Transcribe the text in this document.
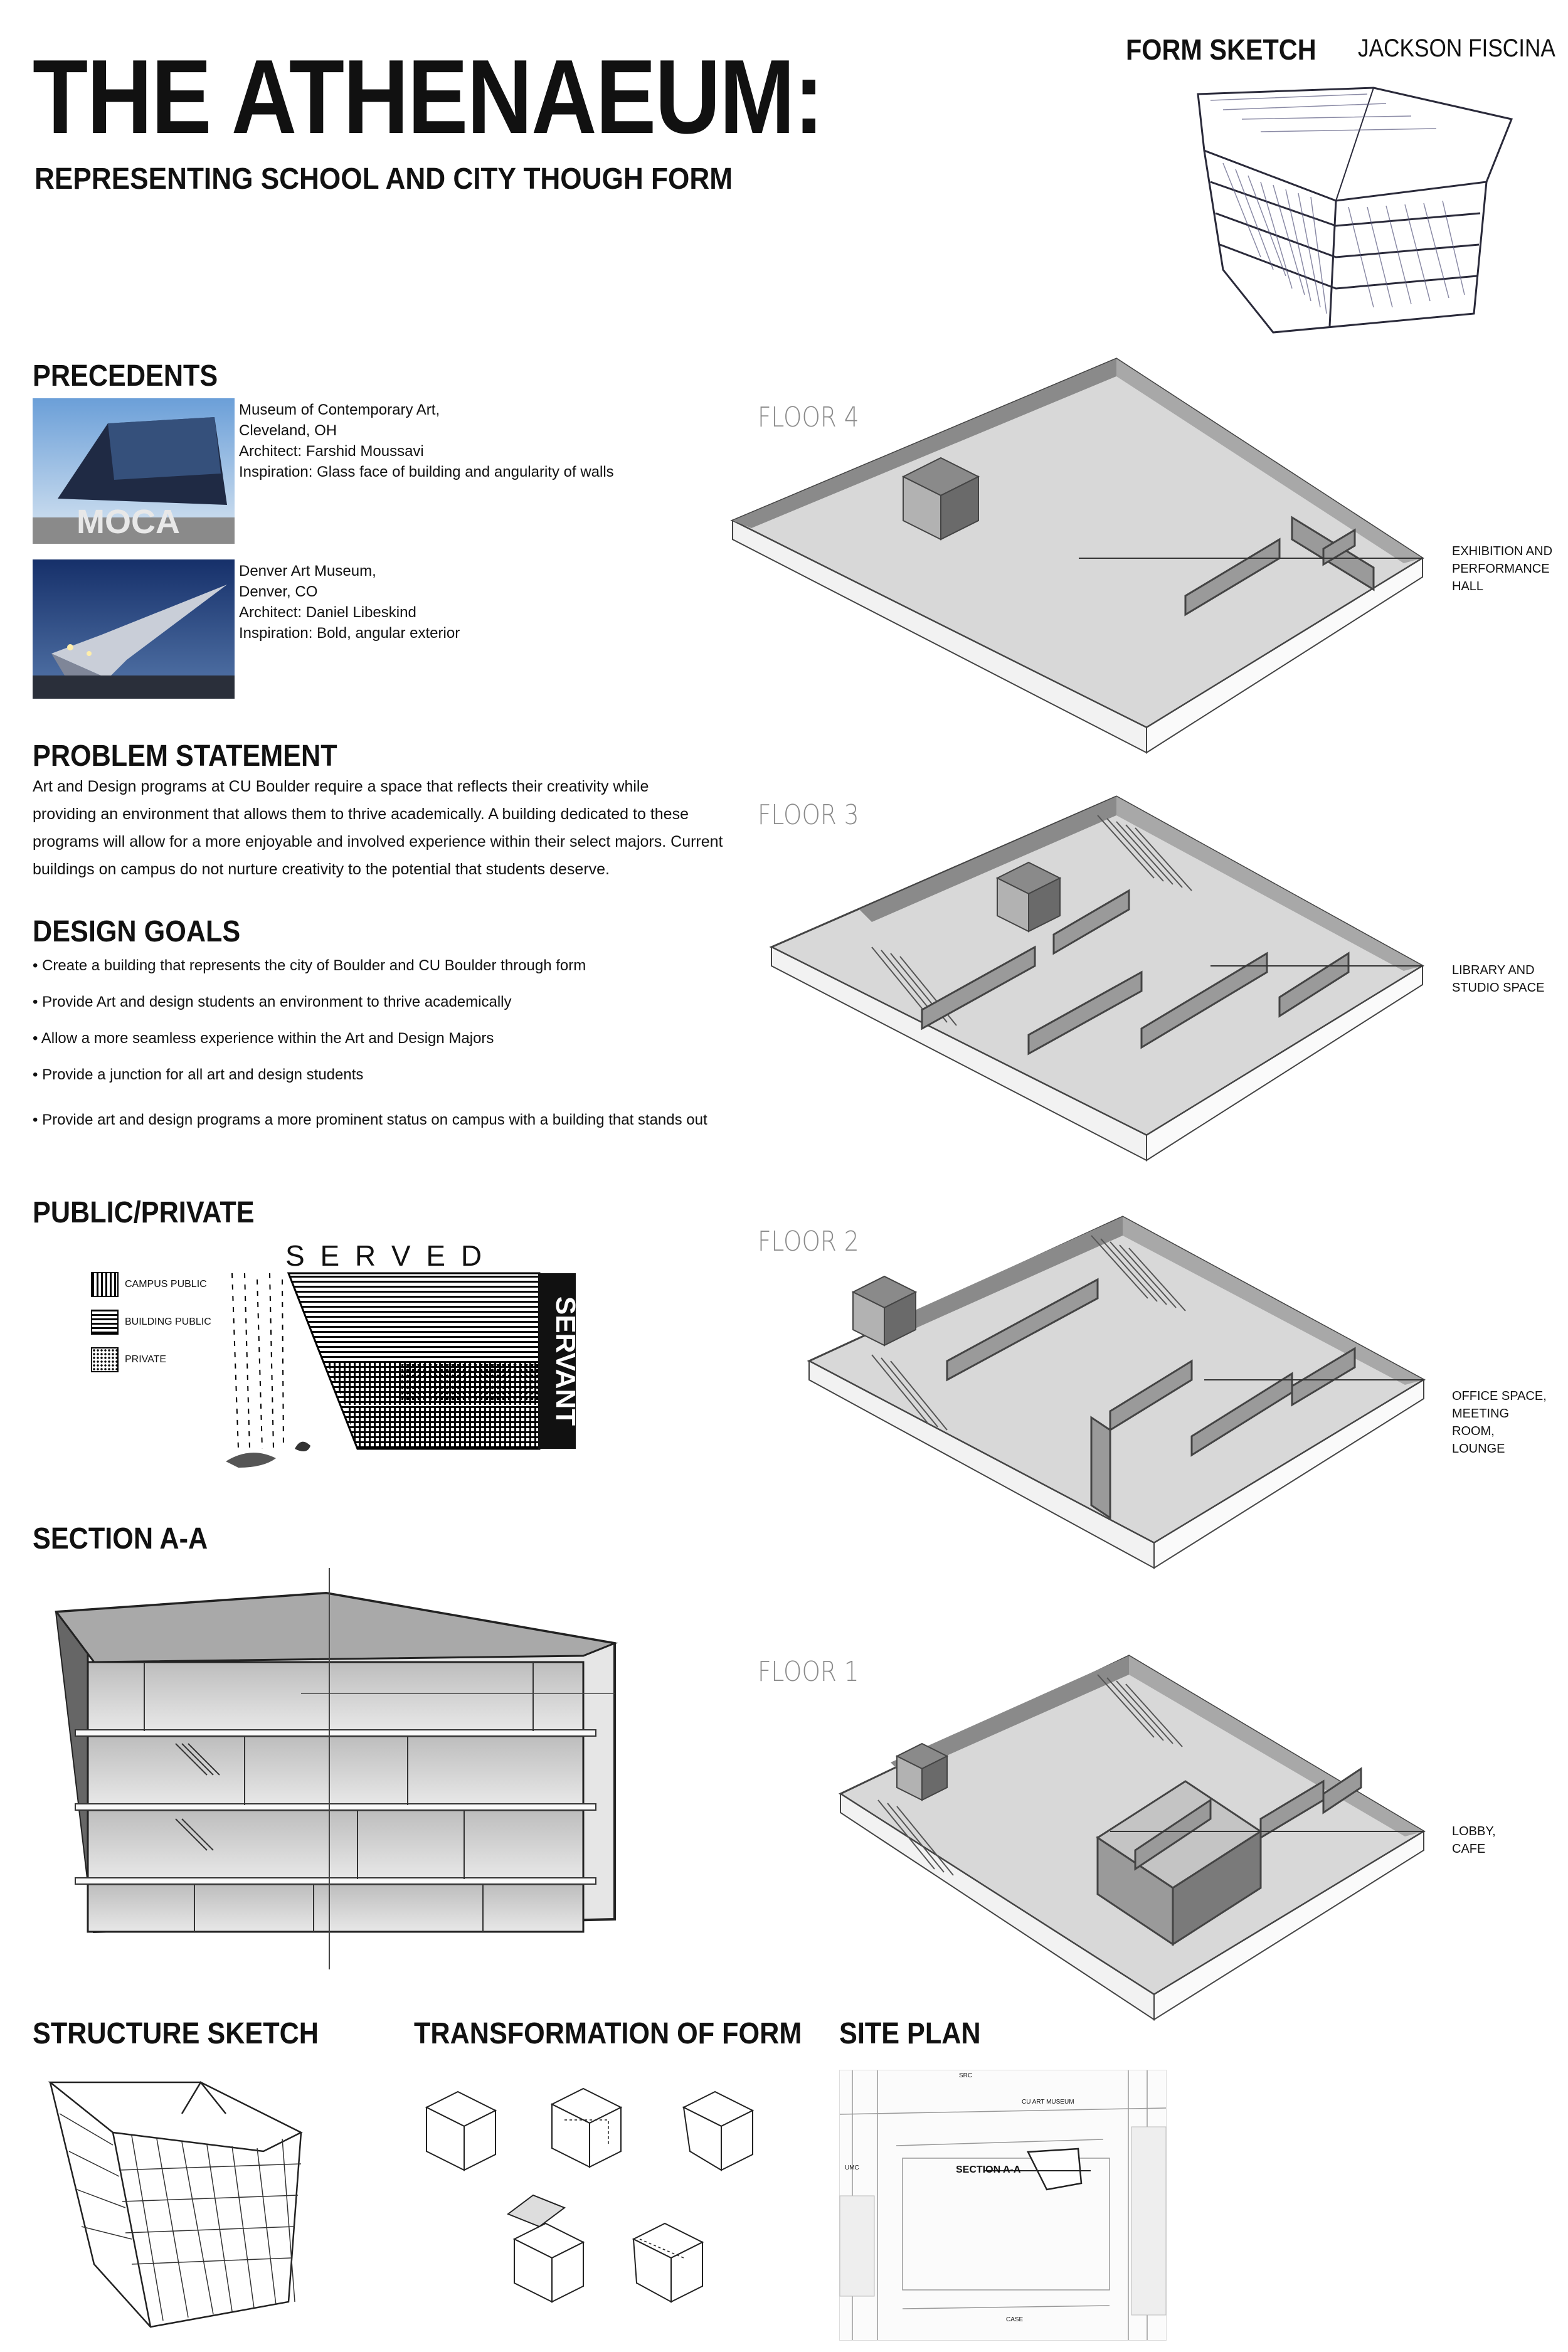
THE ATHENAEUM:
REPRESENTING SCHOOL AND CITY THOUGH FORM
FORM SKETCH JACKSON FISCINA
PRECEDENTS
MOCA
Museum of Contemporary Art,
Cleveland, OH
Architect: Farshid Moussavi
Inspiration: Glass face of building and angularity of walls
Denver Art Museum,
Denver, CO
Architect: Daniel Libeskind
Inspiration: Bold, angular exterior
PROBLEM STATEMENT
Art and Design programs at CU Boulder require a space that reflects their creativity while
providing an environment that allows them to thrive academically. A building dedicated to these
programs will allow for a more enjoyable and involved experience within their select majors. Current
buildings on campus do not nurture creativity to the potential that students deserve.
DESIGN GOALS
• Create a building that represents the city of Boulder and CU Boulder through form
• Provide Art and design students an environment to thrive academically
• Allow a more seamless experience within the Art and Design Majors
• Provide a junction for all art and design students
• Provide art and design programs a more prominent status on campus with a building that stands out
PUBLIC/PRIVATE
CAMPUS PUBLIC
BUILDING PUBLIC
PRIVATE
S E R V E D
SERVANT
SECTION A-A
FLOOR 4
FLOOR 3
FLOOR 2
FLOOR 1
EXHIBITION AND
PERFORMANCE
HALL
LIBRARY AND
STUDIO SPACE
OFFICE SPACE,
MEETING
ROOM,
LOUNGE
LOBBY,
CAFE
STRUCTURE SKETCH	TRANSFORMATION OF FORM SITE PLAN
SRC
CU ART MUSEUM
UMC
CASE
SECTION A-A
